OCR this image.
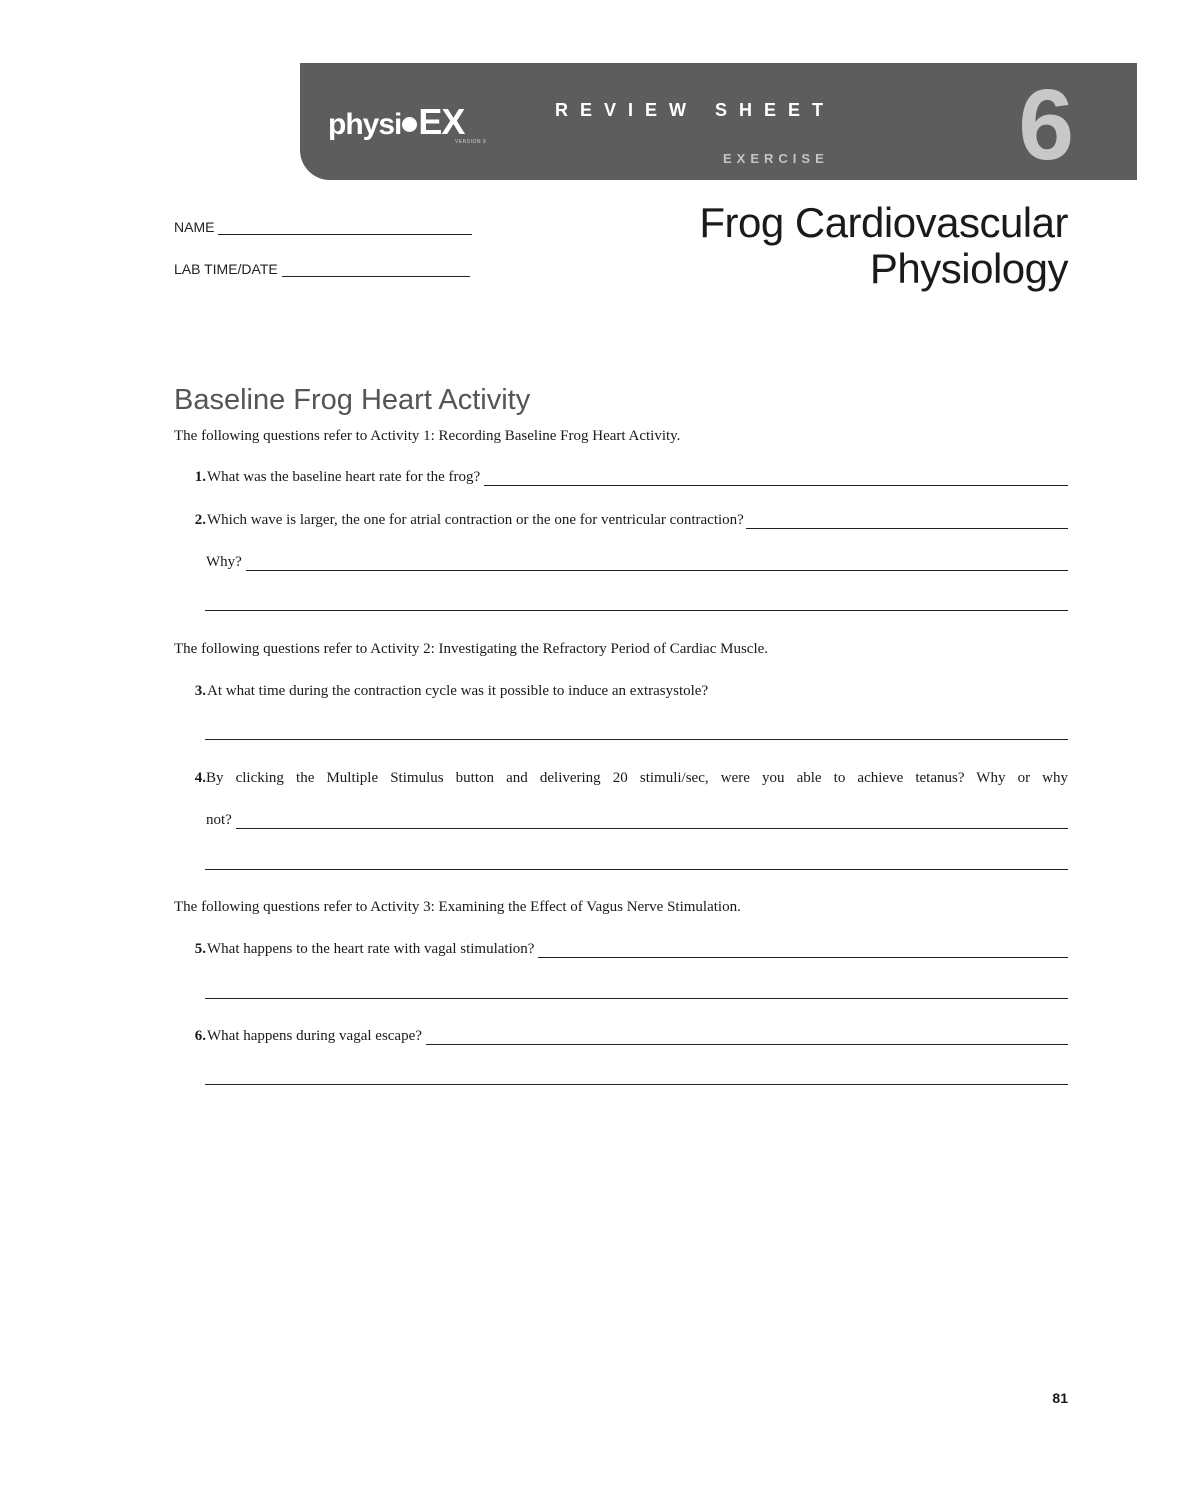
physi EX
VERSION 9
REVIEW SHEET
EXERCISE 6
NAME
LAB TIME/DATE
Frog Cardiovascular
Physiology
Baseline Frog Heart Activity
The following questions refer to Activity 1: Recording Baseline Frog Heart Activity.
1. What was the baseline heart rate for the frog?
2. Which wave is larger, the one for atrial contraction or the one for ventricular contraction?
Why?
The following questions refer to Activity 2: Investigating the Refractory Period of Cardiac Muscle.
3. At what time during the contraction cycle was it possible to induce an extrasystole?
4. By clicking the Multiple Stimulus button and delivering 20 stimuli/sec, were you able to achieve tetanus? Why or why
not?
The following questions refer to Activity 3: Examining the Effect of Vagus Nerve Stimulation.
5. What happens to the heart rate with vagal stimulation?
6. What happens during vagal escape?
81
